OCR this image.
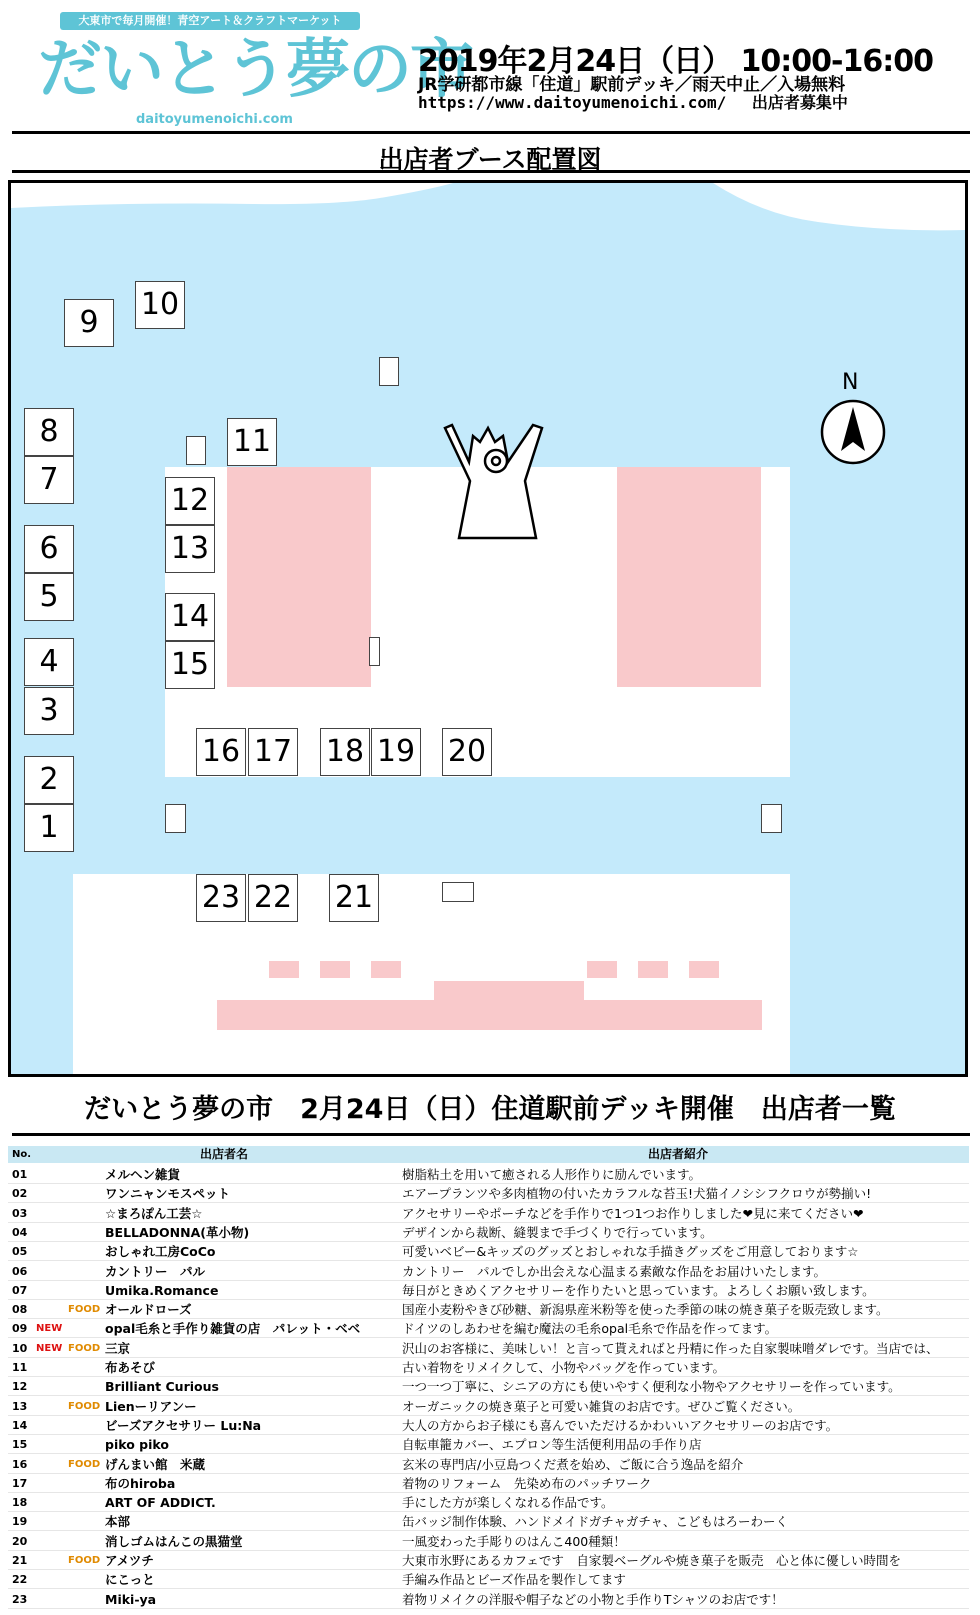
大東市で毎月開催！青空アート＆クラフトマーケット
だいとう夢の市
daitoyumenoichi.com
2019年2月24日（日） 10:00-16:00
JR学研都市線「住道」駅前デッキ／雨天中止／入場無料
https://www.daitoyumenoichi.com/　 出店者募集中
出店者ブース配置図
N
1
2
3
4
5
6
7
8
9
10
11
12
13
14
15
16 17 18 19 20
21
22
23
だいとう夢の市　2月24日（日）住道駅前デッキ開催　出店者一覧
No.	出店者名	出店者紹介
01	メルヘン雑貨	樹脂粘土を用いて癒される人形作りに励んでいます。
02	ワンニャンモスペット	エアープランツや多肉植物の付いたカラフルな苔玉!犬猫イノシシフクロウが勢揃い!
03	☆まろぽん工芸☆	アクセサリーやポーチなどを手作りで1つ1つお作りしました❤︎見に来てください❤︎
04	BELLADONNA(革小物)	デザインから裁断、縫製まで手づくりで行っています。
05	おしゃれ工房CoCo	可愛いベビー&キッズのグッズとおしゃれな手描きグッズをご用意しております☆
06	カントリー　パル	カントリー　パルでしか出会えな心温まる素敵な作品をお届けいたします。
07	Umika.Romance	毎日がときめくアクセサリーを作りたいと思っています。よろしくお願い致します。
08	FOOD オールドローズ	国産小麦粉やきび砂糖、新潟県産米粉等を使った季節の味の焼き菓子を販売致します。
09 NEW	opal毛糸と手作り雑貨の店　パレット・ベベ	ドイツのしあわせを編む魔法の毛糸opal毛糸で作品を作ってます。
10 NEW FOOD 三京	沢山のお客様に、美味しい！と言って貰えればと丹精に作った自家製味噌ダレです。当店では、
11	布あそび	古い着物をリメイクして、小物やバッグを作っています。
12	Brilliant Curious	一つ一つ丁寧に、シニアの方にも使いやすく便利な小物やアクセサリーを作っています。
13	FOOD Lienーリアンー	オーガニックの焼き菓子と可愛い雑貨のお店です。ぜひご覧ください。
14	ビーズアクセサリー Lu:Na	大人の方からお子様にも喜んでいただけるかわいいアクセサリーのお店です。
15	piko piko	自転車籠カバー、エプロン等生活便利用品の手作り店
16	FOOD げんまい館　米蔵	玄米の専門店/小豆島つくだ煮を始め、ご飯に合う逸品を紹介
17	布のhiroba	着物のリフォーム　先染め布のパッチワーク
18	ART OF ADDICT.	手にした方が楽しくなれる作品です。
19	本部	缶バッジ制作体験、ハンドメイドガチャガチャ、こどもはろーわーく
20	消しゴムはんこの黒猫堂	一風変わった手彫りのはんこ400種類！
21	FOOD アメツチ	大東市氷野にあるカフェです　自家製ベーグルや焼き菓子を販売　心と体に優しい時間を
22	にこっと	手編み作品とビーズ作品を製作してます
23	Miki-ya	着物リメイクの洋服や帽子などの小物と手作りTシャツのお店です！
